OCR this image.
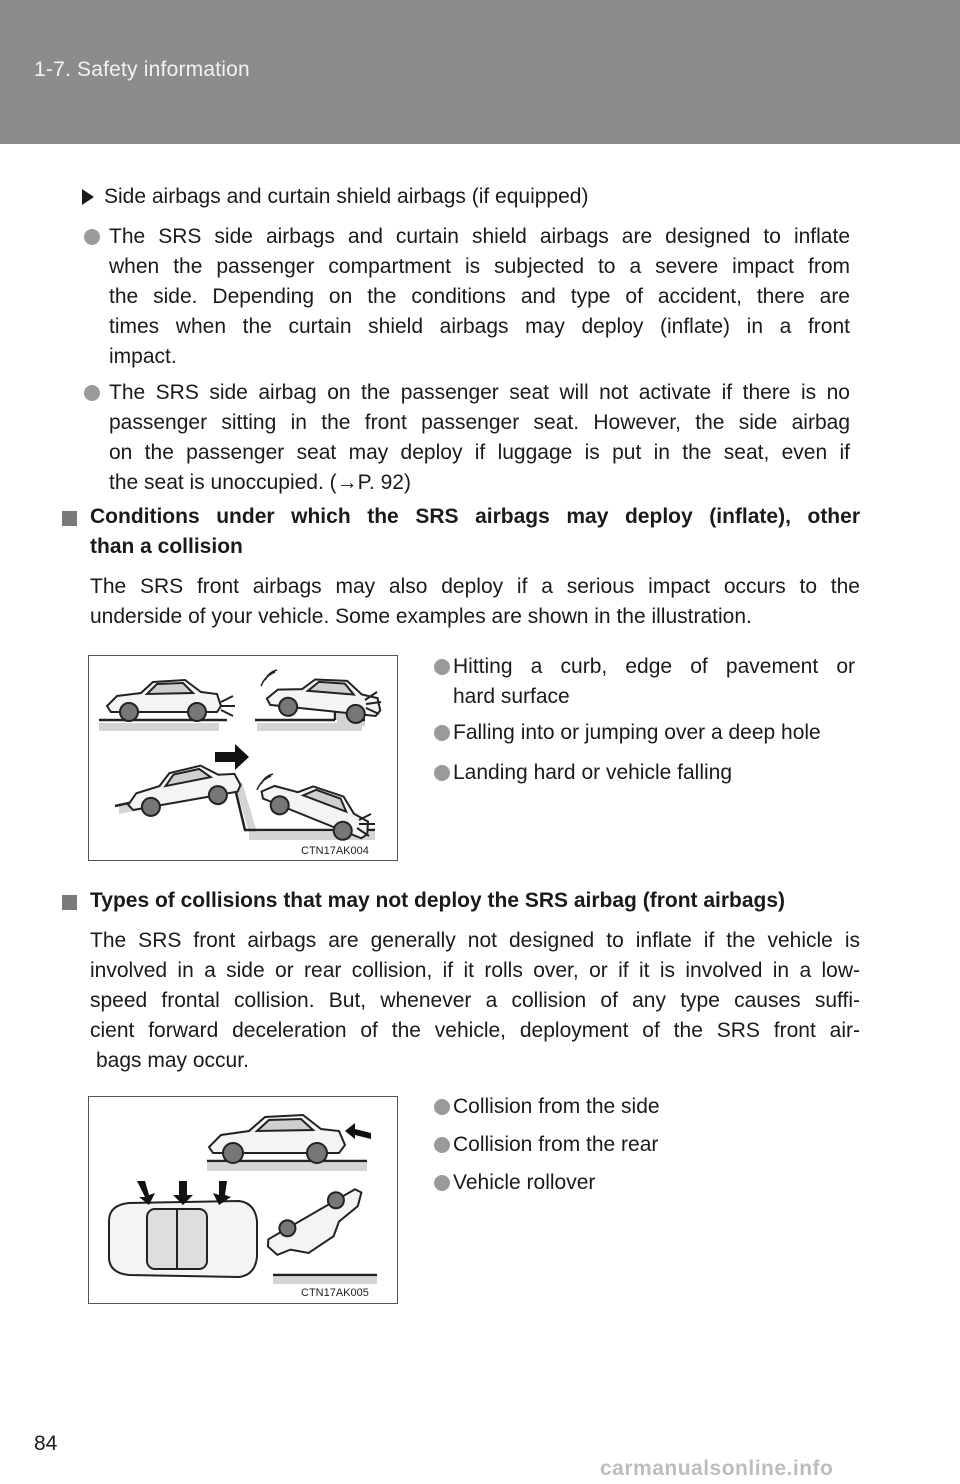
1-7. Safety information
Side airbags and curtain shield airbags (if equipped)
The SRS side airbags and curtain shield airbags are designed to inflate
when the passenger compartment is subjected to a severe impact from
the side. Depending on the conditions and type of accident, there are
times when the curtain shield airbags may deploy (inflate) in a front
impact.
The SRS side airbag on the passenger seat will not activate if there is no
passenger sitting in the front passenger seat. However, the side airbag
on the passenger seat may deploy if luggage is put in the seat, even if
the seat is unoccupied. (→P. 92)
Conditions under which the SRS airbags may deploy (inflate), other
than a collision
The SRS front airbags may also deploy if a serious impact occurs to the
underside of your vehicle. Some examples are shown in the illustration.
CTN17AK004
Hitting a curb, edge of pavement or
hard surface
Falling into or jumping over a deep hole
Landing hard or vehicle falling
Types of collisions that may not deploy the SRS airbag (front airbags)
The SRS front airbags are generally not designed to inflate if the vehicle is
involved in a side or rear collision, if it rolls over, or if it is involved in a low-
speed frontal collision. But, whenever a collision of any type causes suffi-
cient forward deceleration of the vehicle, deployment of the SRS front air-
bags may occur.
CTN17AK005
Collision from the side
Collision from the rear
Vehicle rollover
84
carmanualsonline.info
